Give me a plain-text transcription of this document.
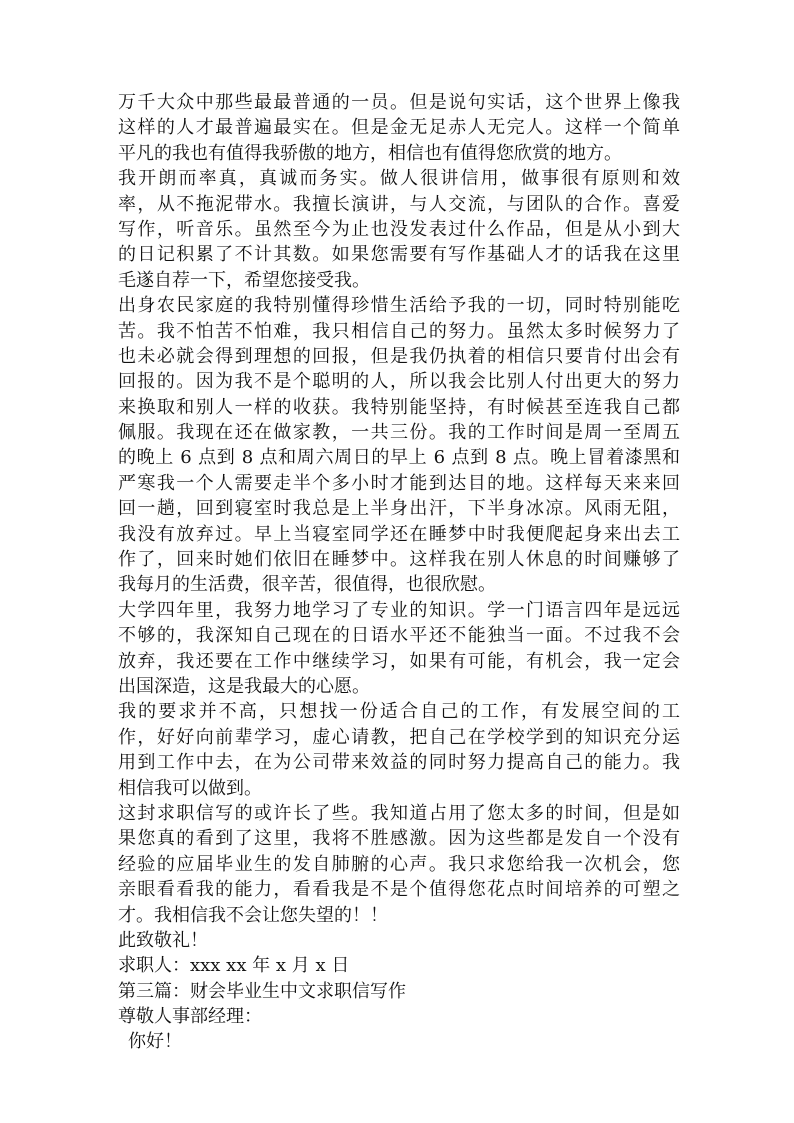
万千大众中那些最最普通的一员。但是说句实话，这个世界上像我
这样的人才最普遍最实在。但是金无足赤人无完人。这样一个简单
平凡的我也有值得我骄傲的地方，相信也有值得您欣赏的地方。
我开朗而率真，真诚而务实。做人很讲信用，做事很有原则和效
率，从不拖泥带水。我擅长演讲，与人交流，与团队的合作。喜爱
写作，听音乐。虽然至今为止也没发表过什么作品，但是从小到大
的日记积累了不计其数。如果您需要有写作基础人才的话我在这里
毛遂自荐一下，希望您接受我。
出身农民家庭的我特别懂得珍惜生活给予我的一切，同时特别能吃
苦。我不怕苦不怕难，我只相信自己的努力。虽然太多时候努力了
也未必就会得到理想的回报，但是我仍执着的相信只要肯付出会有
回报的。因为我不是个聪明的人，所以我会比别人付出更大的努力
来换取和别人一样的收获。我特别能坚持，有时候甚至连我自己都
佩服。我现在还在做家教，一共三份。我的工作时间是周一至周五
的晚上 6 点到 8 点和周六周日的早上 6 点到 8 点。晚上冒着漆黑和
严寒我一个人需要走半个多小时才能到达目的地。这样每天来来回
回一趟，回到寝室时我总是上半身出汗，下半身冰凉。风雨无阻，
我没有放弃过。早上当寝室同学还在睡梦中时我便爬起身来出去工
作了，回来时她们依旧在睡梦中。这样我在别人休息的时间赚够了
我每月的生活费，很辛苦，很值得，也很欣慰。
大学四年里，我努力地学习了专业的知识。学一门语言四年是远远
不够的，我深知自己现在的日语水平还不能独当一面。不过我不会
放弃，我还要在工作中继续学习，如果有可能，有机会，我一定会
出国深造，这是我最大的心愿。
我的要求并不高，只想找一份适合自己的工作，有发展空间的工
作，好好向前辈学习，虚心请教，把自己在学校学到的知识充分运
用到工作中去，在为公司带来效益的同时努力提高自己的能力。我
相信我可以做到。
这封求职信写的或许长了些。我知道占用了您太多的时间，但是如
果您真的看到了这里，我将不胜感激。因为这些都是发自一个没有
经验的应届毕业生的发自肺腑的心声。我只求您给我一次机会，您
亲眼看看我的能力，看看我是不是个值得您花点时间培养的可塑之
才。我相信我不会让您失望的！！
此致敬礼！
求职人：xxx xx 年 x 月 x 日
第三篇：财会毕业生中文求职信写作
尊敬人事部经理：
你好！
